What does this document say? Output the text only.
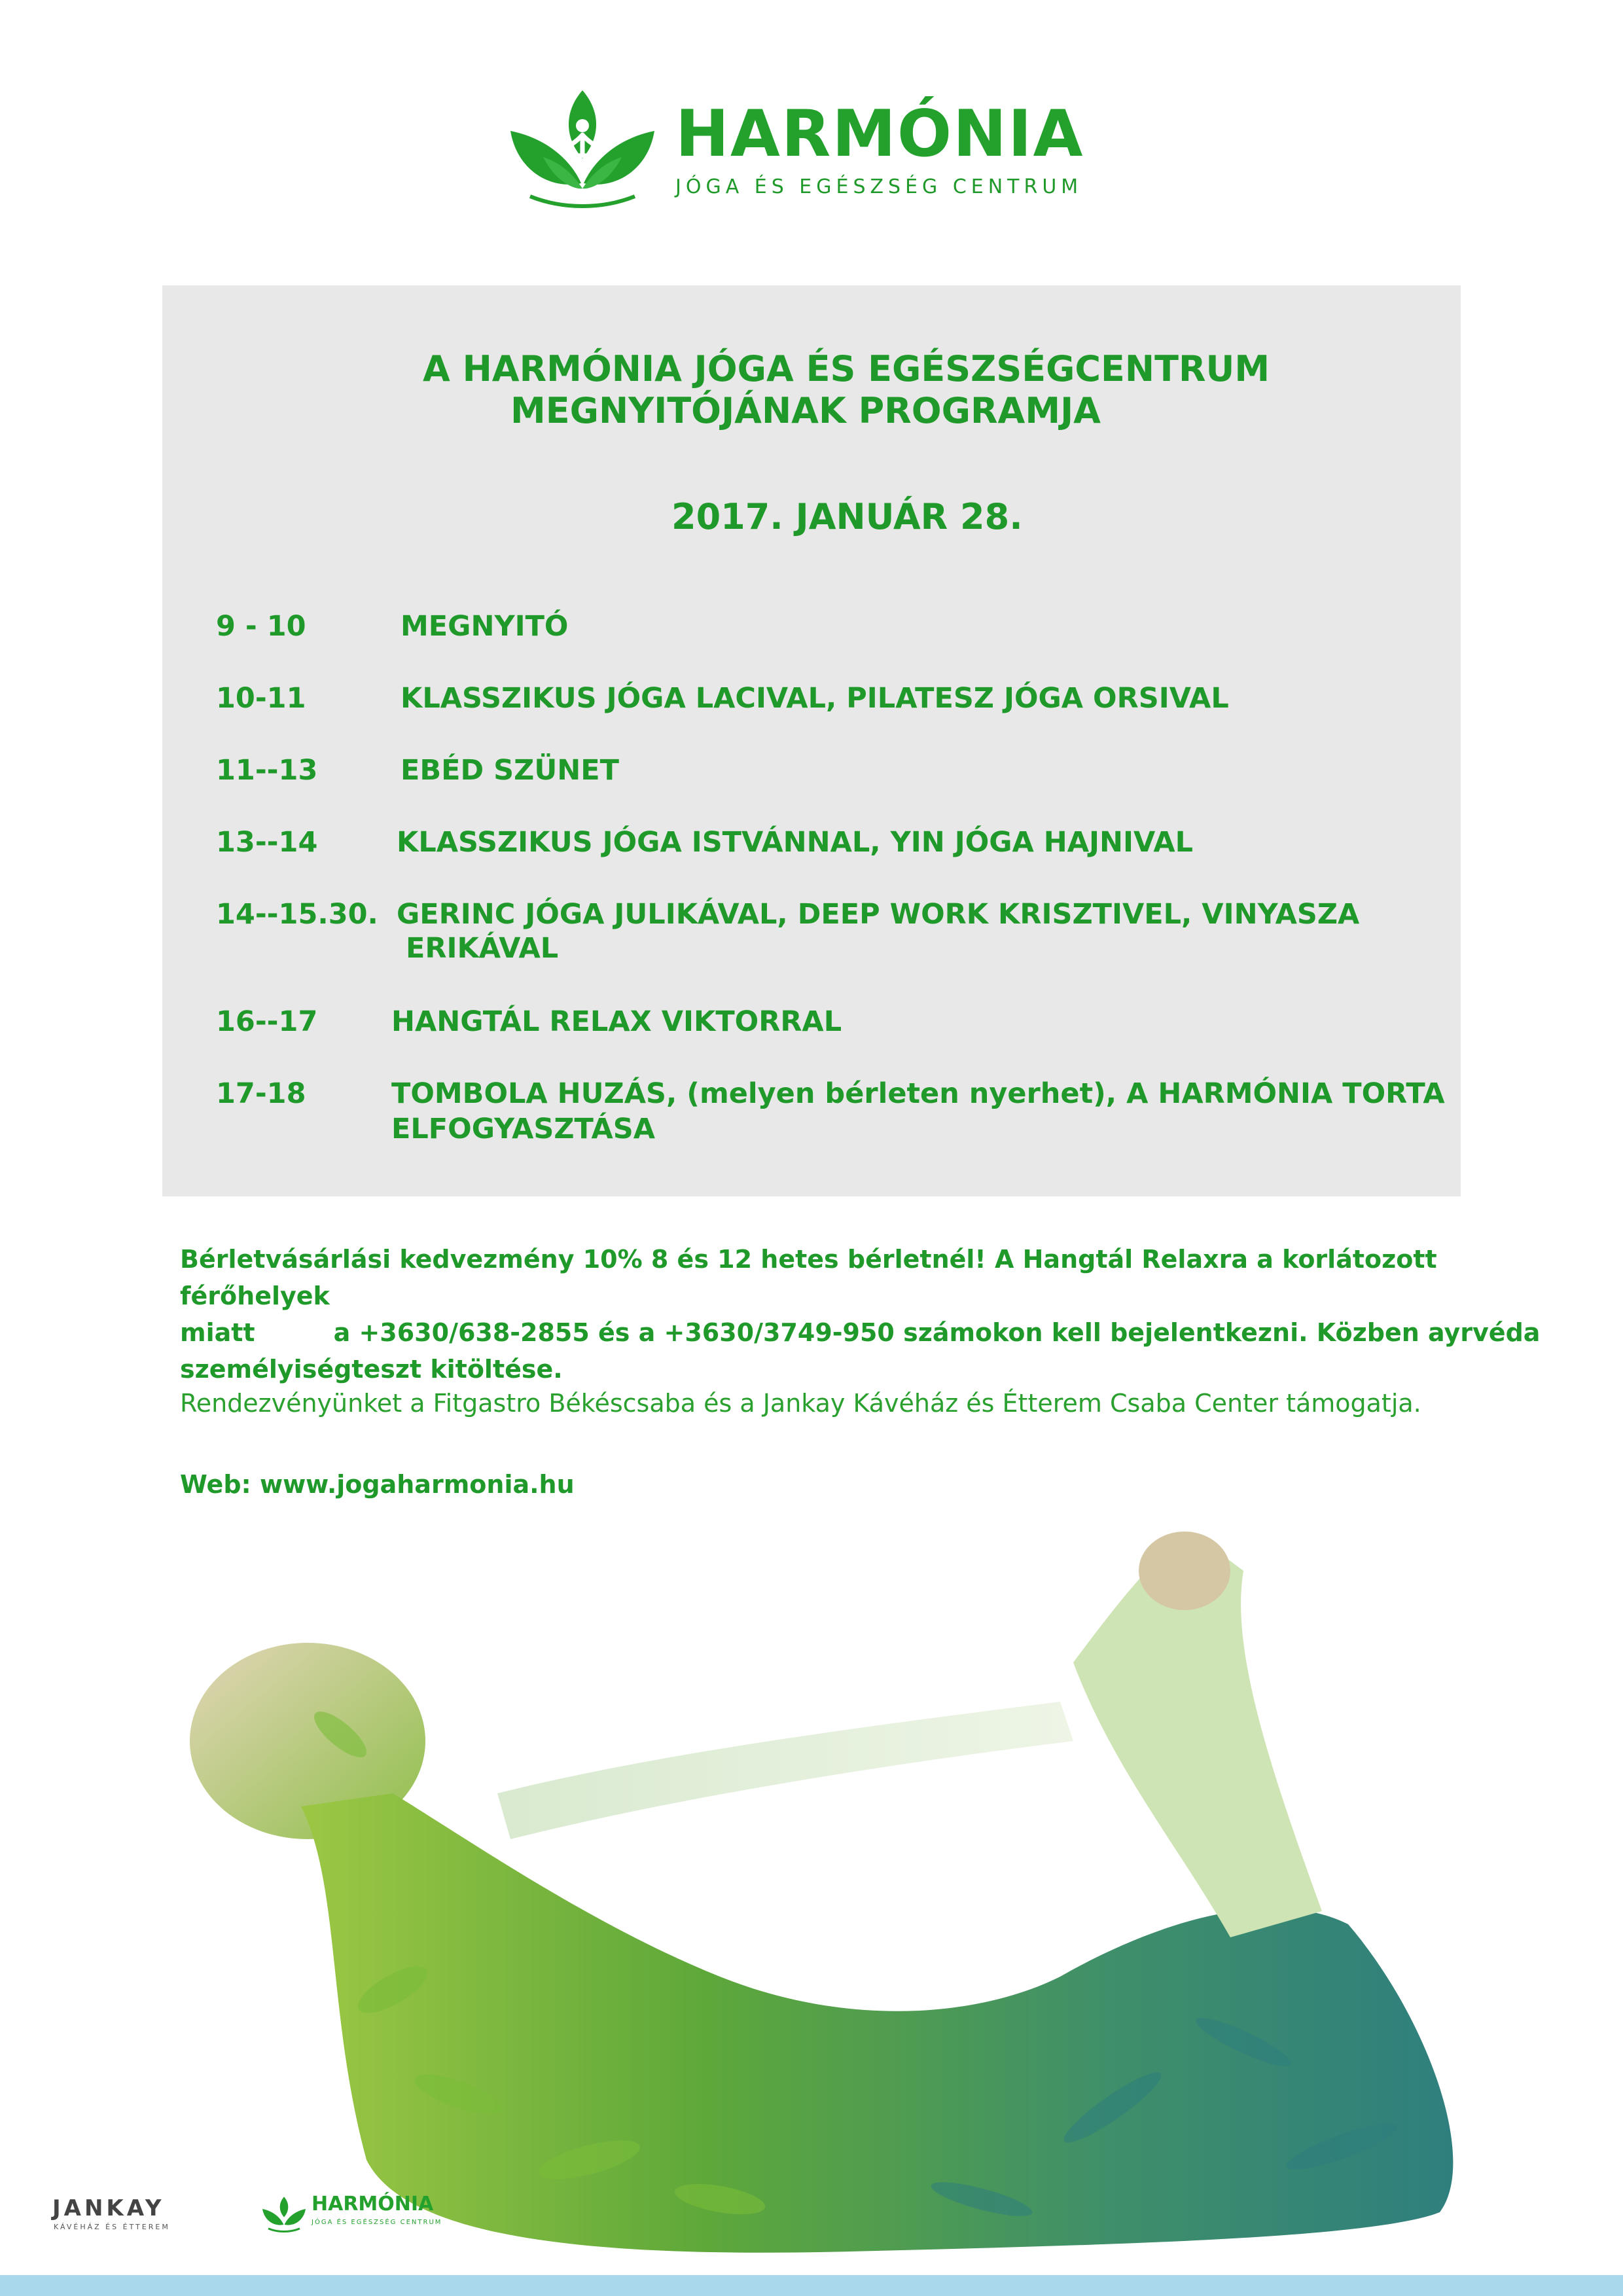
HARMÓNIA
JÓGA ÉS EGÉSZSÉG CENTRUM
A HARMÓNIA JÓGA ÉS EGÉSZSÉGCENTRUM
MEGNYITÓJÁNAK PROGRAMJA
2017. JANUÁR 28.
9 - 10	MEGNYITÓ
10-11	KLASSZIKUS JÓGA LACIVAL, PILATESZ JÓGA ORSIVAL
11--13	EBÉD SZÜNET
13--14	KLASSZIKUS JÓGA ISTVÁNNAL, YIN JÓGA HAJNIVAL
14--15.30. GERINC JÓGA JULIKÁVAL, DEEP WORK KRISZTIVEL, VINYASZA
ERIKÁVAL
16--17	HANGTÁL RELAX VIKTORRAL
17-18	TOMBOLA HUZÁS, (melyen bérleten nyerhet), A HARMÓNIA TORTA
ELFOGYASZTÁSA
Bérletvásárlási kedvezmény 10% 8 és 12 hetes bérletnél! A Hangtál Relaxra a korlátozott férőhelyek
miatt	a +3630/638-2855 és a +3630/3749-950 számokon kell bejelentkezni. Közben ayrvéda
személyiségteszt kitöltése.
Rendezvényünket a Fitgastro Békéscsaba és a Jankay Kávéház és Étterem Csaba Center támogatja.
Web: www.jogaharmonia.hu
JANKAY
KÁVÉHÁZ ÉS ÉTTEREM
HARMÓNIA
JÓGA ÉS EGÉSZSÉG CENTRUM
